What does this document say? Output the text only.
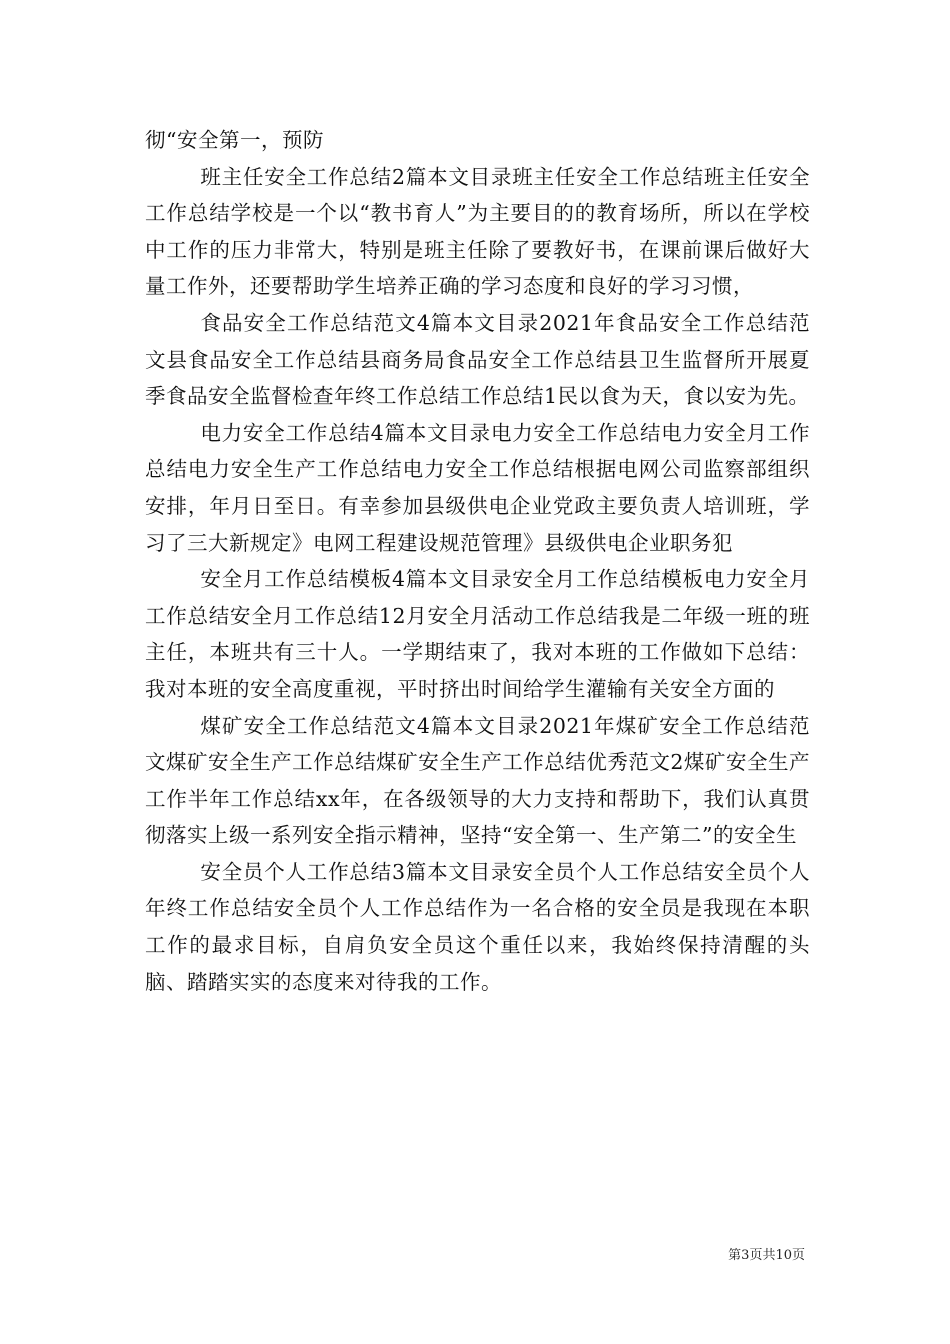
彻“安全第一，预防

班主任安全工作总结2篇本文目录班主任安全工作总结班主任安全工作总结学校是一个以“教书育人”为主要目的的教育场所，所以在学校中工作的压力非常大，特别是班主任除了要教好书，在课前课后做好大量工作外，还要帮助学生培养正确的学习态度和良好的学习习惯，

食品安全工作总结范文4篇本文目录2021年食品安全工作总结范文县食品安全工作总结县商务局食品安全工作总结县卫生监督所开展夏季食品安全监督检查年终工作总结工作总结1民以食为天，食以安为先。

电力安全工作总结4篇本文目录电力安全工作总结电力安全月工作总结电力安全生产工作总结电力安全工作总结根据电网公司监察部组织安排，年月日至日。有幸参加县级供电企业党政主要负责人培训班，学习了三大新规定》电网工程建设规范管理》县级供电企业职务犯

安全月工作总结模板4篇本文目录安全月工作总结模板电力安全月工作总结安全月工作总结12月安全月活动工作总结我是二年级一班的班主任，本班共有三十人。一学期结束了，我对本班的工作做如下总结：我对本班的安全高度重视，平时挤出时间给学生灌输有关安全方面的

煤矿安全工作总结范文4篇本文目录2021年煤矿安全工作总结范文煤矿安全生产工作总结煤矿安全生产工作总结优秀范文2煤矿安全生产工作半年工作总结xx年，在各级领导的大力支持和帮助下，我们认真贯彻落实上级一系列安全指示精神，坚持“安全第一、生产第二”的安全生

安全员个人工作总结3篇本文目录安全员个人工作总结安全员个人年终工作总结安全员个人工作总结作为一名合格的安全员是我现在本职工作的最求目标，自肩负安全员这个重任以来，我始终保持清醒的头脑、踏踏实实的态度来对待我的工作。

第3页共10页
